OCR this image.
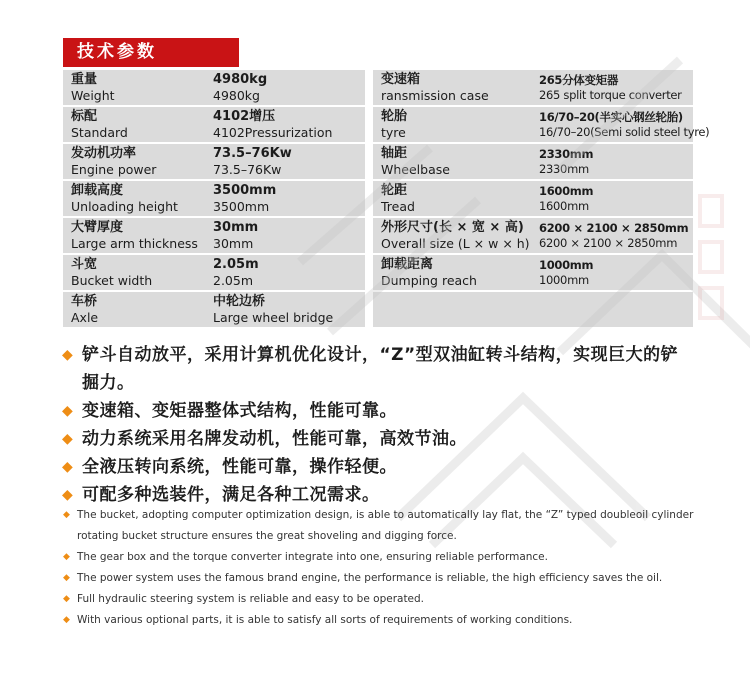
技术参数
重量
Weight
4980kg
4980kg
变速箱
ransmission case
265分体变矩器
265 split torque converter
标配
Standard
4102增压
4102Pressurization
轮胎
tyre
16/70–20(半实心钢丝轮胎)
16/70–20(Semi solid steel tyre)
发动机功率
Engine power
73.5–76Kw
73.5–76Kw
轴距
Wheelbase
2330mm
2330mm
卸载高度
Unloading height
3500mm
3500mm
轮距
Tread
1600mm
1600mm
大臂厚度
Large arm thickness
30mm
30mm
外形尺寸(长 × 宽 × 高)
Overall size (L × w × h)
6200 × 2100 × 2850mm
6200 × 2100 × 2850mm
斗宽
Bucket width
2.05m
2.05m
卸载距离
Dumping reach
1000mm
1000mm
车桥
Axle
中轮边桥
Large wheel bridge
◆ 铲斗自动放平，采用计算机优化设计，“Z”型双油缸转斗结构，实现巨大的铲掘力。
◆ 变速箱、变矩器整体式结构，性能可靠。
◆ 动力系统采用名牌发动机，性能可靠，高效节油。
◆ 全液压转向系统，性能可靠，操作轻便。
◆ 可配多种选装件，满足各种工况需求。
◆ The bucket, adopting computer optimization design, is able to automatically lay flat, the “Z” typed doubleoil cylinder rotating bucket structure ensures the great shoveling and digging force.
◆ The gear box and the torque converter integrate into one, ensuring reliable performance.
◆ The power system uses the famous brand engine, the performance is reliable, the high efficiency saves the oil.
◆ Full hydraulic steering system is reliable and easy to be operated.
◆ With various optional parts, it is able to satisfy all sorts of requirements of working conditions.
